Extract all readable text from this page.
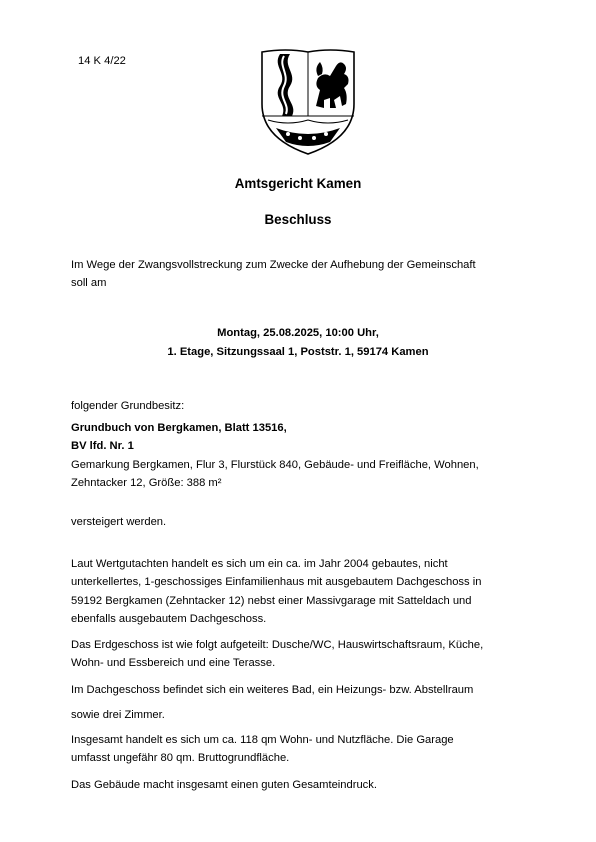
14 K 4/22
Amtsgericht Kamen
Beschluss
Im Wege der Zwangsvollstreckung zum Zwecke der Aufhebung der Gemeinschaft
soll am
Montag, 25.08.2025, 10:00 Uhr,
1. Etage, Sitzungssaal 1, Poststr. 1, 59174 Kamen
folgender Grundbesitz:
Grundbuch von Bergkamen, Blatt 13516,
BV lfd. Nr. 1
Gemarkung Bergkamen, Flur 3, Flurstück 840, Gebäude- und Freifläche, Wohnen,
Zehntacker 12, Größe: 388 m²
versteigert werden.
Laut Wertgutachten handelt es sich um ein ca. im Jahr 2004 gebautes, nicht
unterkellertes, 1-geschossiges Einfamilienhaus mit ausgebautem Dachgeschoss in
59192 Bergkamen (Zehntacker 12) nebst einer Massivgarage mit Satteldach und
ebenfalls ausgebautem Dachgeschoss.
Das Erdgeschoss ist wie folgt aufgeteilt: Dusche/WC, Hauswirtschaftsraum, Küche,
Wohn- und Essbereich und eine Terasse.
Im Dachgeschoss befindet sich ein weiteres Bad, ein Heizungs- bzw. Abstellraum
sowie drei Zimmer.
Insgesamt handelt es sich um ca. 118 qm Wohn- und Nutzfläche. Die Garage
umfasst ungefähr 80 qm. Bruttogrundfläche.
Das Gebäude macht insgesamt einen guten Gesamteindruck.
